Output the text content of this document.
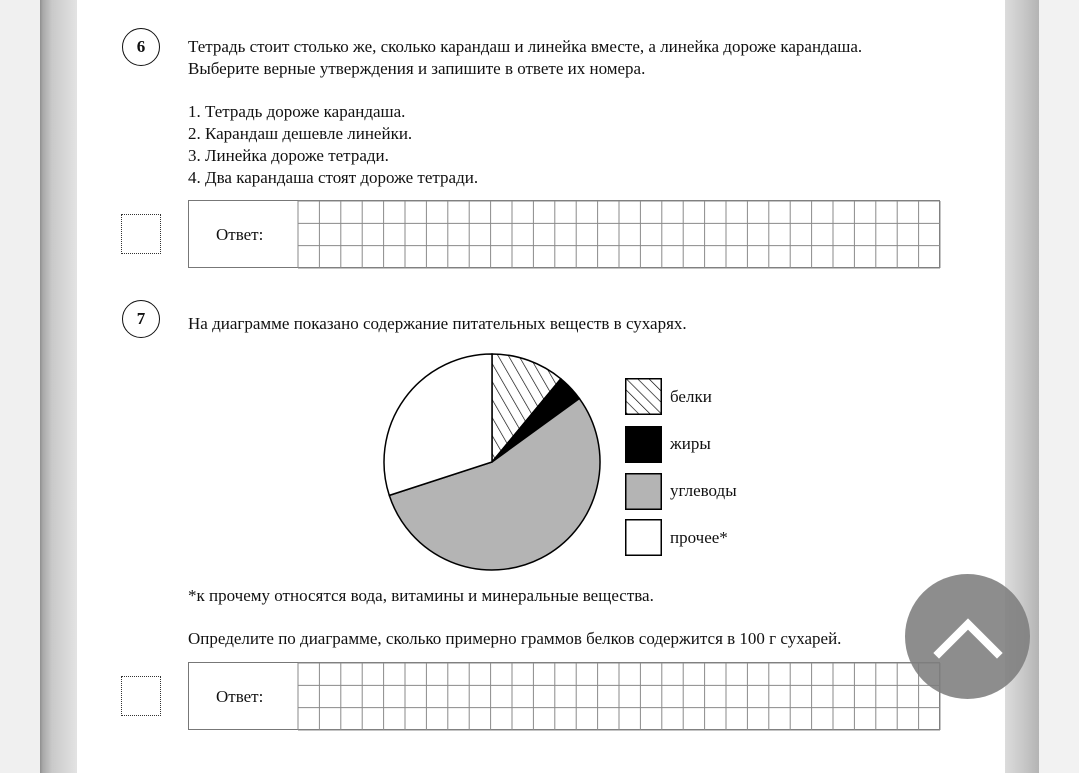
6	Тетрадь стоит столько же, сколько карандаш и линейка вместе, а линейка дороже карандаша.
Выберите верные утверждения и запишите в ответе их номера.
1. Тетрадь дороже карандаша.
2. Карандаш дешевле линейки.
3. Линейка дороже тетради.
4. Два карандаша стоят дороже тетради.
Ответ:
7	На диаграмме показано содержание питательных веществ в сухарях.
белки
жиры
углеводы
прочее*
*к прочему относятся вода, витамины и минеральные вещества.
Определите по диаграмме, сколько примерно граммов белков содержится в 100 г сухарей.
Ответ:
